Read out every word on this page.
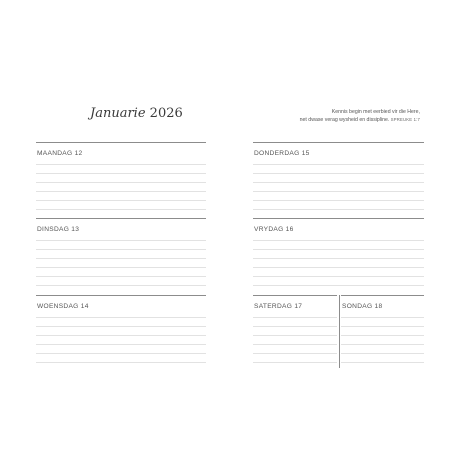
Januarie 2026	Kennis begin met eerbied vir die Here,
net dwase verag wysheid en dissipline. SPREUKE 1:7
MAANDAG 12
DINSDAG 13
WOENSDAG 14
DONDERDAG 15
VRYDAG 16
SATERDAG 17	SONDAG 18
